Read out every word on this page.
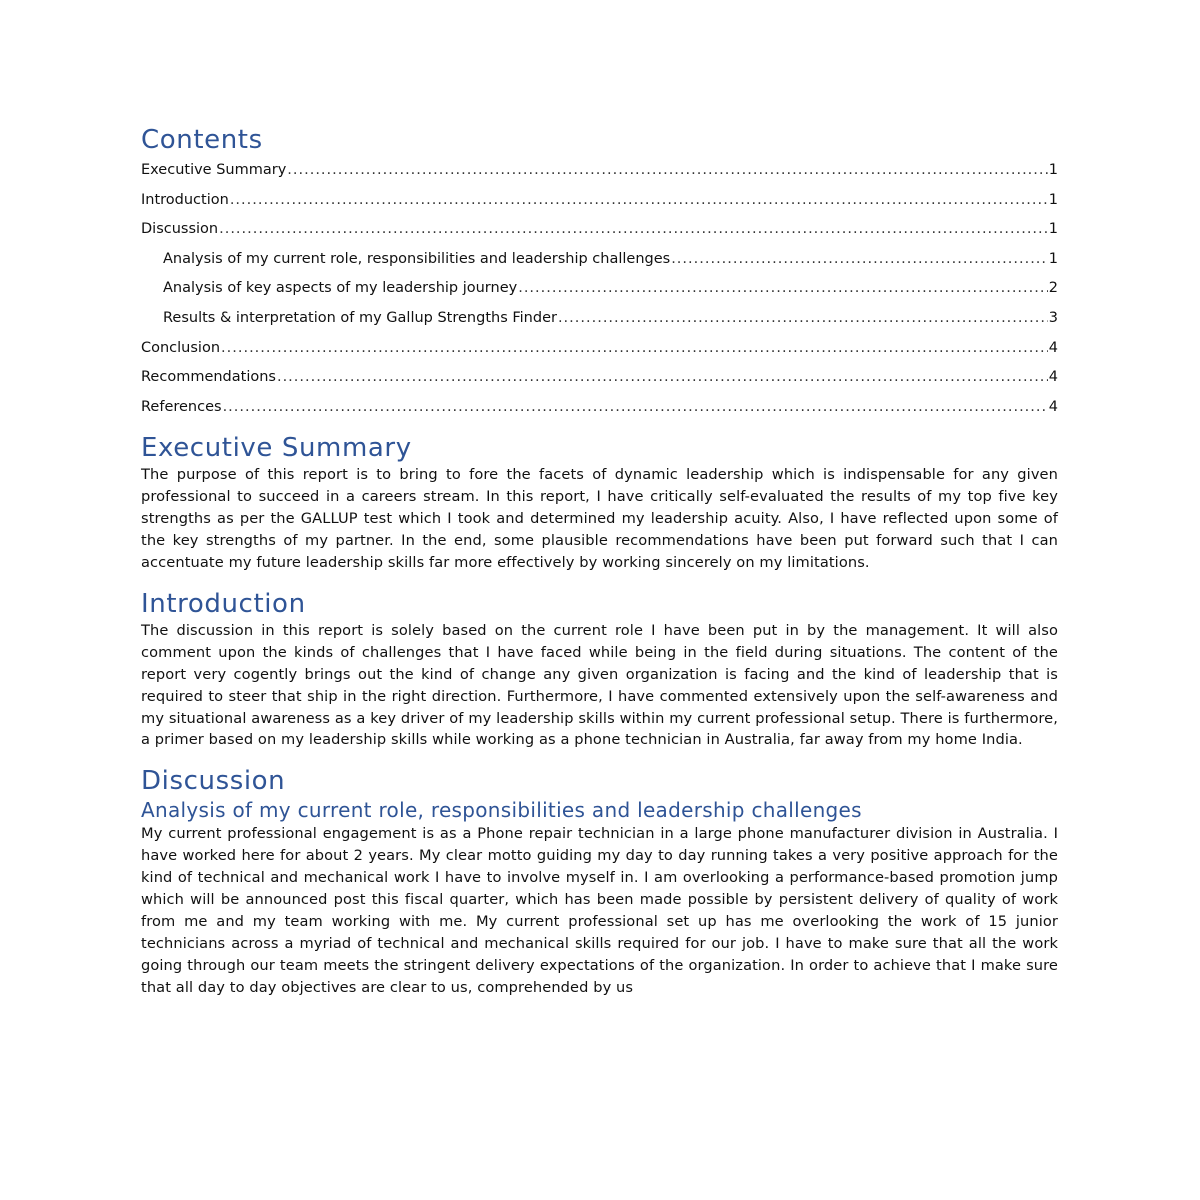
Contents
Executive Summary .....	1
Introduction .....	1
Discussion .....	1
Analysis of my current role, responsibilities and leadership challenges .....	1
Analysis of key aspects of my leadership journey .....	2
Results & interpretation of my Gallup Strengths Finder .....	3
Conclusion .....	4
Recommendations .....	4
References .....	4
Executive Summary

The purpose of this report is to bring to fore the facets of dynamic leadership which is indispensable for any given professional to succeed in a careers stream. In this report, I have critically self-evaluated the results of my top five key strengths as per the GALLUP test which I took and determined my leadership acuity. Also, I have reflected upon some of the key strengths of my partner. In the end, some plausible recommendations have been put forward such that I can accentuate my future leadership skills far more effectively by working sincerely on my limitations.

Introduction

The discussion in this report is solely based on the current role I have been put in by the management. It will also comment upon the kinds of challenges that I have faced while being in the field during situations. The content of the report very cogently brings out the kind of change any given organization is facing and the kind of leadership that is required to steer that ship in the right direction. Furthermore, I have commented extensively upon the self-awareness and my situational awareness as a key driver of my leadership skills within my current professional setup. There is furthermore, a primer based on my leadership skills while working as a phone technician in Australia, far away from my home India.

Discussion
Analysis of my current role, responsibilities and leadership challenges

My current professional engagement is as a Phone repair technician in a large phone manufacturer division in Australia. I have worked here for about 2 years. My clear motto guiding my day to day running takes a very positive approach for the kind of technical and mechanical work I have to involve myself in. I am overlooking a performance-based promotion jump which will be announced post this fiscal quarter, which has been made possible by persistent delivery of quality of work from me and my team working with me. My current professional set up has me overlooking the work of 15 junior technicians across a myriad of technical and mechanical skills required for our job. I have to make sure that all the work going through our team meets the stringent delivery expectations of the organization. In order to achieve that I make sure that all day to day objectives are clear to us, comprehended by us
